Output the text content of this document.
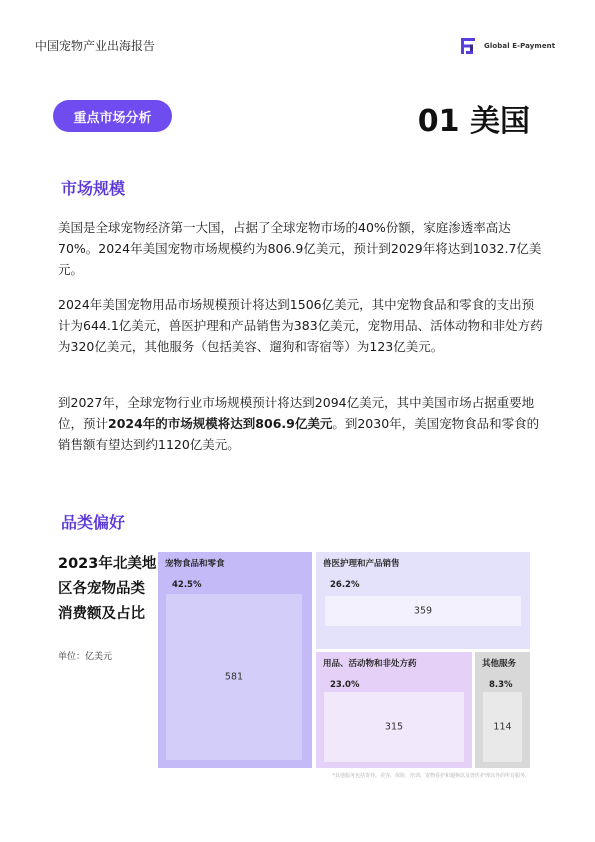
中国宠物产业出海报告	Global E-Payment
重点市场分析	01 美国
市场规模

美国是全球宠物经济第一大国，占据了全球宠物市场的40%份额，家庭渗透率高达70%。2024年美国宠物市场规模约为806.9亿美元，预计到2029年将达到1032.7亿美元。

2024年美国宠物用品市场规模预计将达到1506亿美元，其中宠物食品和零食的支出预计为644.1亿美元，兽医护理和产品销售为383亿美元，宠物用品、活体动物和非处方药为320亿美元，其他服务（包括美容、遛狗和寄宿等）为123亿美元。

到2027年，全球宠物行业市场规模预计将达到2094亿美元，其中美国市场占据重要地位，预计2024年的市场规模将达到806.9亿美元。到2030年，美国宠物食品和零食的销售额有望达到约1120亿美元。

品类偏好
2023年北美地区各宠物品类消费额及占比
单位：亿美元
宠物食品和零食
42.5%
581
兽医护理和产品销售
26.2%
359
用品、活动物和非处方药
23.0%
315
其他服务
8.3%
114
*其他服务包括寄养、美容、保险、培训、宠物看护和遛狗以及兽医护理以外的所有服务。
